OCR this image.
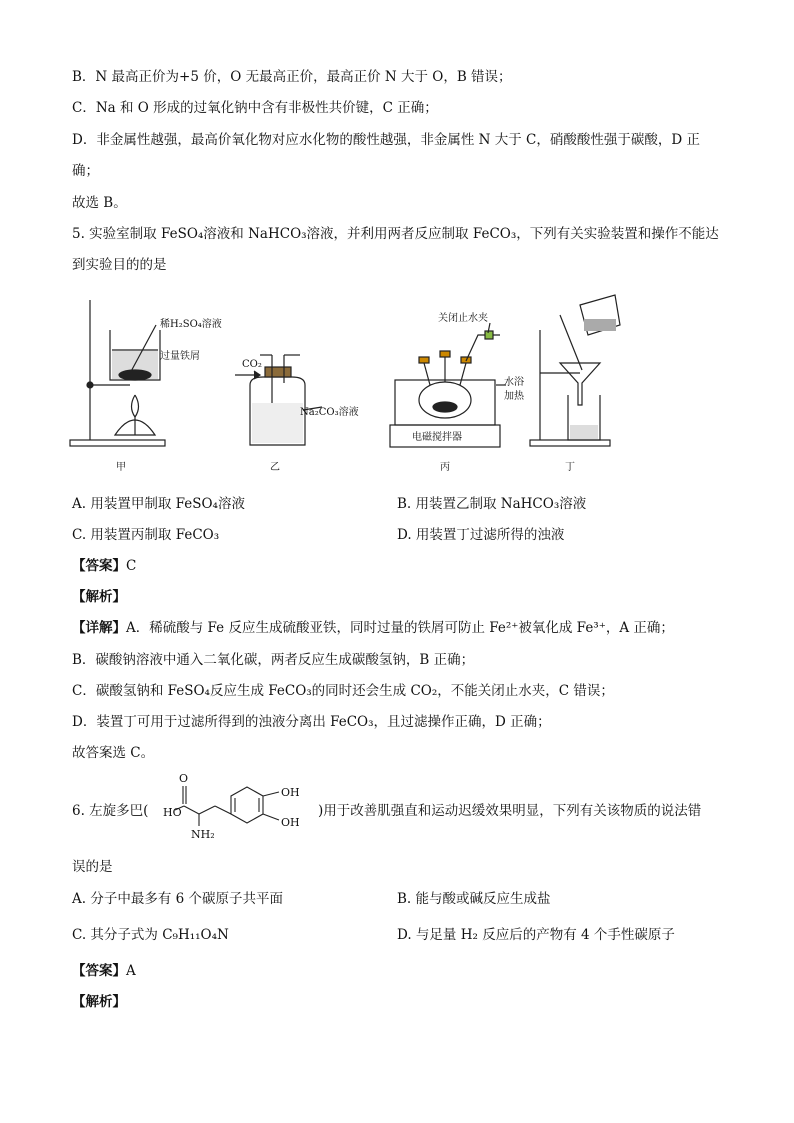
B．N 最高正价为+5 价，O 无最高正价，最高正价 N 大于 O，B 错误；
C．Na 和 O 形成的过氧化钠中含有非极性共价键，C 正确；
D．非金属性越强，最高价氧化物对应水化物的酸性越强，非金属性 N 大于 C，硝酸酸性强于碳酸，D 正
确；
故选 B。
5. 实验室制取 FeSO₄溶液和 NaHCO₃溶液，并利用两者反应制取 FeCO₃，下列有关实验装置和操作不能达
到实验目的的是
稀H₂SO₄溶液
过量铁屑
CO₂
Na₂CO₃溶液
关闭止水夹
水浴
加热
电磁搅拌器
甲	乙	丙	丁
A. 用装置甲制取 FeSO₄溶液	B. 用装置乙制取 NaHCO₃溶液
C. 用装置丙制取 FeCO₃	D. 用装置丁过滤所得的浊液
【答案】C
【解析】
【详解】A．稀硫酸与 Fe 反应生成硫酸亚铁，同时过量的铁屑可防止 Fe²⁺被氧化成 Fe³⁺，A 正确；
B．碳酸钠溶液中通入二氧化碳，两者反应生成碳酸氢钠，B 正确；
C．碳酸氢钠和 FeSO₄反应生成 FeCO₃的同时还会生成 CO₂，不能关闭止水夹，C 错误；
D．装置丁可用于过滤所得到的浊液分离出 FeCO₃，且过滤操作正确，D 正确；
故答案选 C。
6. 左旋多巴(
O
HO
NH₂
OH
OH
)用于改善肌强直和运动迟缓效果明显，下列有关该物质的说法错
误的是
A. 分子中最多有 6 个碳原子共平面	B. 能与酸或碱反应生成盐
C. 其分子式为 C₉H₁₁O₄N	D. 与足量 H₂ 反应后的产物有 4 个手性碳原子
【答案】A
【解析】
